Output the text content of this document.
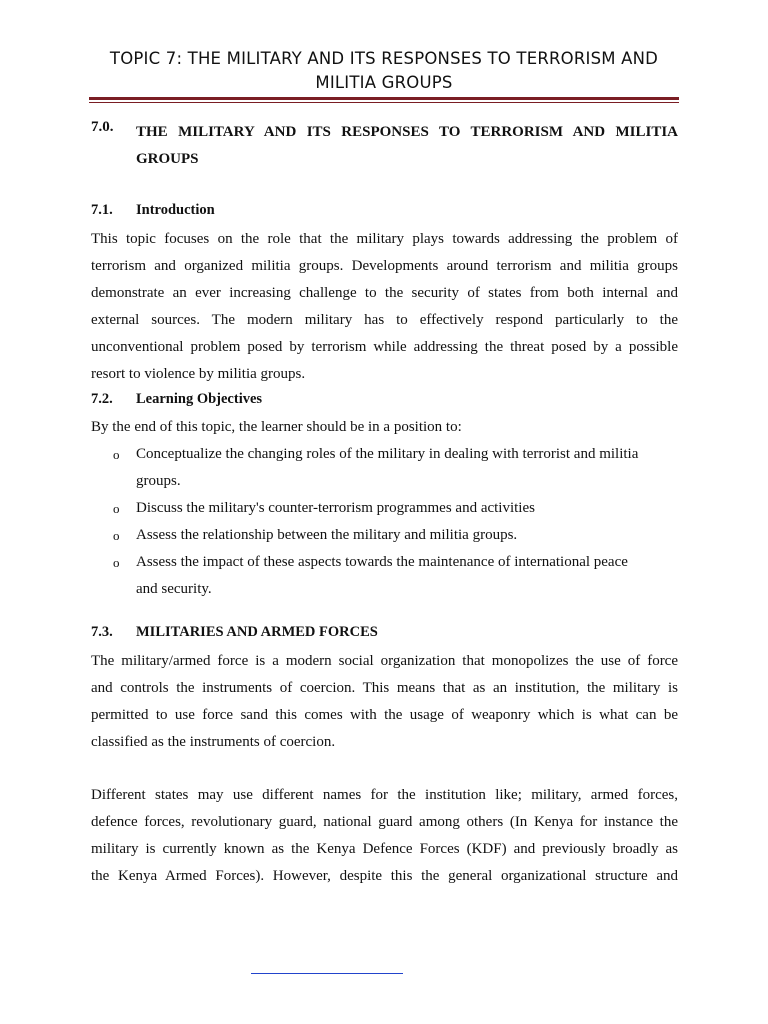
TOPIC 7: THE MILITARY AND ITS RESPONSES TO TERRORISM AND
MILITIA GROUPS
7.0. THE MILITARY AND ITS RESPONSES TO TERRORISM AND MILITIA
GROUPS
7.1. Introduction
This topic focuses on the role that the military plays towards addressing the problem of
terrorism and organized militia groups. Developments around terrorism and militia groups
demonstrate an ever increasing challenge to the security of states from both internal and
external sources. The modern military has to effectively respond particularly to the
unconventional problem posed by terrorism while addressing the threat posed by a possible
resort to violence by militia groups.
7.2. Learning Objectives
By the end of this topic, the learner should be in a position to:
o Conceptualize the changing roles of the military in dealing with terrorist and militia
groups.
o Discuss the military's counter-terrorism programmes and activities
o Assess the relationship between the military and militia groups.
o Assess the impact of these aspects towards the maintenance of international peace
and security.
7.3. MILITARIES AND ARMED FORCES
The military/armed force is a modern social organization that monopolizes the use of force
and controls the instruments of coercion. This means that as an institution, the military is
permitted to use force sand this comes with the usage of weaponry which is what can be
classified as the instruments of coercion.
Different states may use different names for the institution like; military, armed forces,
defence forces, revolutionary guard, national guard among others (In Kenya for instance the
military is currently known as the Kenya Defence Forces (KDF) and previously broadly as
the Kenya Armed Forces). However, despite this the general organizational structure and
